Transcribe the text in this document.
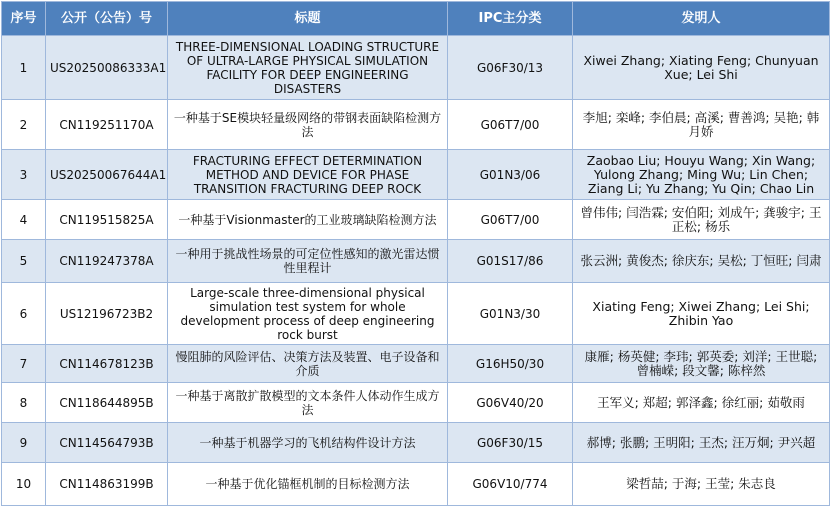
序号	公开（公告）号	标题	IPC主分类	发明人
1	US20250086333A1	THREE-DIMENSIONAL LOADING STRUCTURE OF ULTRA-LARGE PHYSICAL SIMULATION FACILITY FOR DEEP ENGINEERING DISASTERS	G06F30/13	Xiwei Zhang; Xiating Feng; Chunyuan Xue; Lei Shi
2	CN119251170A	一种基于SE模块轻量级网络的带钢表面缺陷检测方法	G06T7/00	李旭; 栾峰; 李伯晨; 高溪; 曹善鸿; 吴艳; 韩月娇
3	US20250067644A1	FRACTURING EFFECT DETERMINATION METHOD AND DEVICE FOR PHASE TRANSITION FRACTURING DEEP ROCK	G01N3/06	Zaobao Liu; Houyu Wang; Xin Wang; Yulong Zhang; Ming Wu; Lin Chen; Ziang Li; Yu Zhang; Yu Qin; Chao Lin
4	CN119515825A	一种基于Visionmaster的工业玻璃缺陷检测方法	G06T7/00	曾伟伟; 闫浩霖; 安伯阳; 刘成午; 龚骏宇; 王正松; 杨乐
5	CN119247378A	一种用于挑战性场景的可定位性感知的激光雷达惯性里程计	G01S17/86	张云洲; 黄俊杰; 徐庆东; 吴松; 丁恒旺; 闫肃
6	US12196723B2	Large-scale three-dimensional physical simulation test system for whole development process of deep engineering rock burst	G01N3/30	Xiating Feng; Xiwei Zhang; Lei Shi; Zhibin Yao
7	CN114678123B	慢阻肺的风险评估、决策方法及装置、电子设备和介质	G16H50/30	康雁; 杨英健; 李玮; 郭英委; 刘洋; 王世聪; 曾楠嵘; 段文馨; 陈梓然
8	CN118644895B	一种基于离散扩散模型的文本条件人体动作生成方法	G06V40/20	王军义; 郑超; 郭泽鑫; 徐红丽; 茹敬雨
9	CN114564793B	一种基于机器学习的飞机结构件设计方法	G06F30/15	郝博; 张鹏; 王明阳; 王杰; 汪万炯; 尹兴超
10	CN114863199B	一种基于优化锚框机制的目标检测方法	G06V10/774	梁哲喆; 于海; 王莹; 朱志良
